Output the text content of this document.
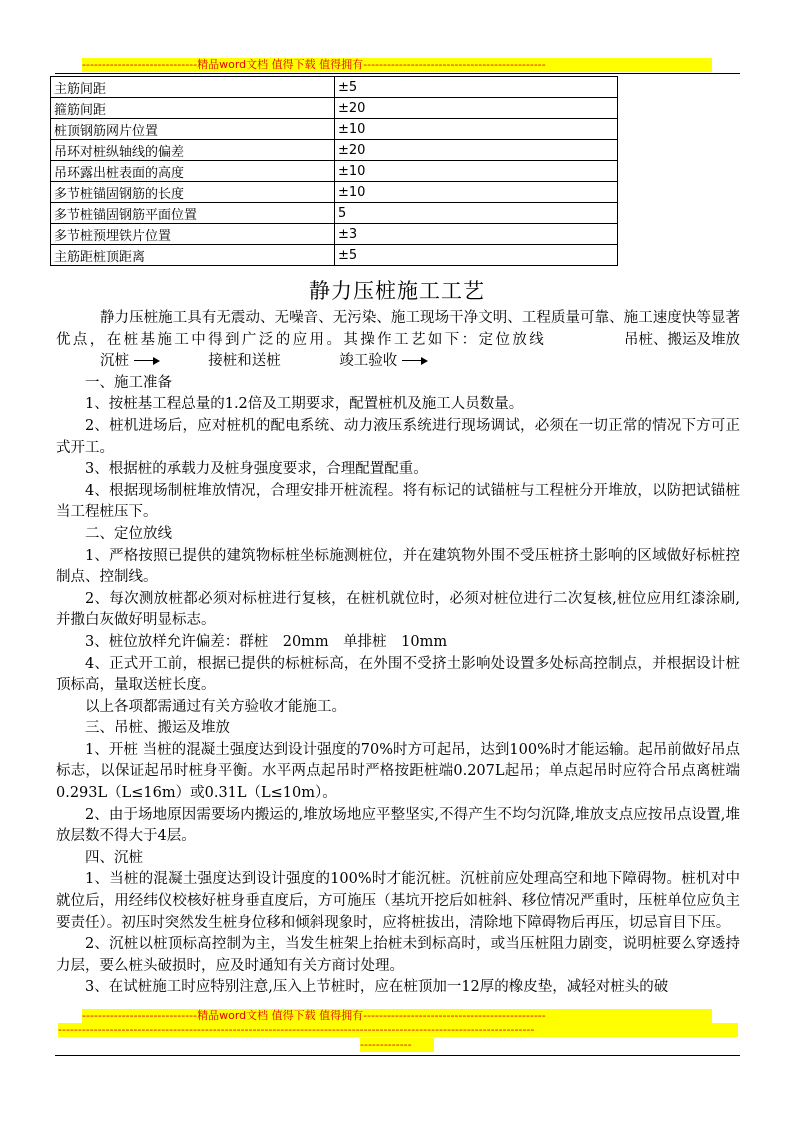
-----------------------------精品word文档 值得下载 值得拥有----------------------------------------------
主筋间距	±5
箍筋间距	±20
桩顶钢筋网片位置	±10
吊环对桩纵轴线的偏差	±20
吊环露出桩表面的高度	±10
多节桩锚固钢筋的长度	±10
多节桩锚固钢筋平面位置	5
多节桩预埋铁片位置	±3
主筋距桩顶距离	±5
静力压桩施工工艺

静力压桩施工具有无震动、无噪音、无污染、施工现场干净文明、工程质量可靠、施工速度快等显著优点，在桩基施工中得到广泛的应用。其操作工艺如下：定位放线　　	吊桩、搬运及堆放　沉桩	接桩和送桩　	竣工验收

一、施工准备

1、按桩基工程总量的1.2倍及工期要求，配置桩机及施工人员数量。

2、桩机进场后，应对桩机的配电系统、动力液压系统进行现场调试，必须在一切正常的情况下方可正式开工。

3、根据桩的承载力及桩身强度要求，合理配置配重。

4、根据现场制桩堆放情况，合理安排开桩流程。将有标记的试锚桩与工程桩分开堆放，以防把试锚桩当工程桩压下。

二、定位放线

1、严格按照已提供的建筑物标桩坐标施测桩位，并在建筑物外围不受压桩挤土影响的区域做好标桩控制点、控制线。

2、每次测放桩都必须对标桩进行复核，在桩机就位时，必须对桩位进行二次复核,桩位应用红漆涂刷,并撒白灰做好明显标志。

3、桩位放样允许偏差：群桩　20mm　单排桩　10mm

4、正式开工前，根据已提供的标桩标高，在外围不受挤土影响处设置多处标高控制点，并根据设计桩顶标高，量取送桩长度。

以上各项都需通过有关方验收才能施工。

三、吊桩、搬运及堆放

1、开桩 当桩的混凝土强度达到设计强度的70%时方可起吊，达到100%时才能运输。起吊前做好吊点标志，以保证起吊时桩身平衡。水平两点起吊时严格按距桩端0.207L起吊；单点起吊时应符合吊点离桩端0.293L（L≤16m）或0.31L（L≤10m）。

2、由于场地原因需要场内搬运的,堆放场地应平整坚实,不得产生不均匀沉降,堆放支点应按吊点设置,堆放层数不得大于4层。

四、沉桩

1、当桩的混凝土强度达到设计强度的100%时才能沉桩。沉桩前应处理高空和地下障碍物。桩机对中就位后，用经纬仪校核好桩身垂直度后，方可施压（基坑开挖后如桩斜、移位情况严重时，压桩单位应负主要责任）。初压时突然发生桩身位移和倾斜现象时，应将桩拔出，清除地下障碍物后再压，切忌盲目下压。

2、沉桩以桩顶标高控制为主，当发生桩架上抬桩未到标高时，或当压桩阻力剧变，说明桩要么穿透持力层，要么桩头破损时，应及时通知有关方商讨处理。

3、在试桩施工时应特别注意,压入上节桩时，应在桩顶加一12厚的橡皮垫，减轻对桩头的破

-----------------------------精品word文档 值得下载 值得拥有----------------------------------------------
------------------------------------------------------------------------------------------------------------------------
-------------
